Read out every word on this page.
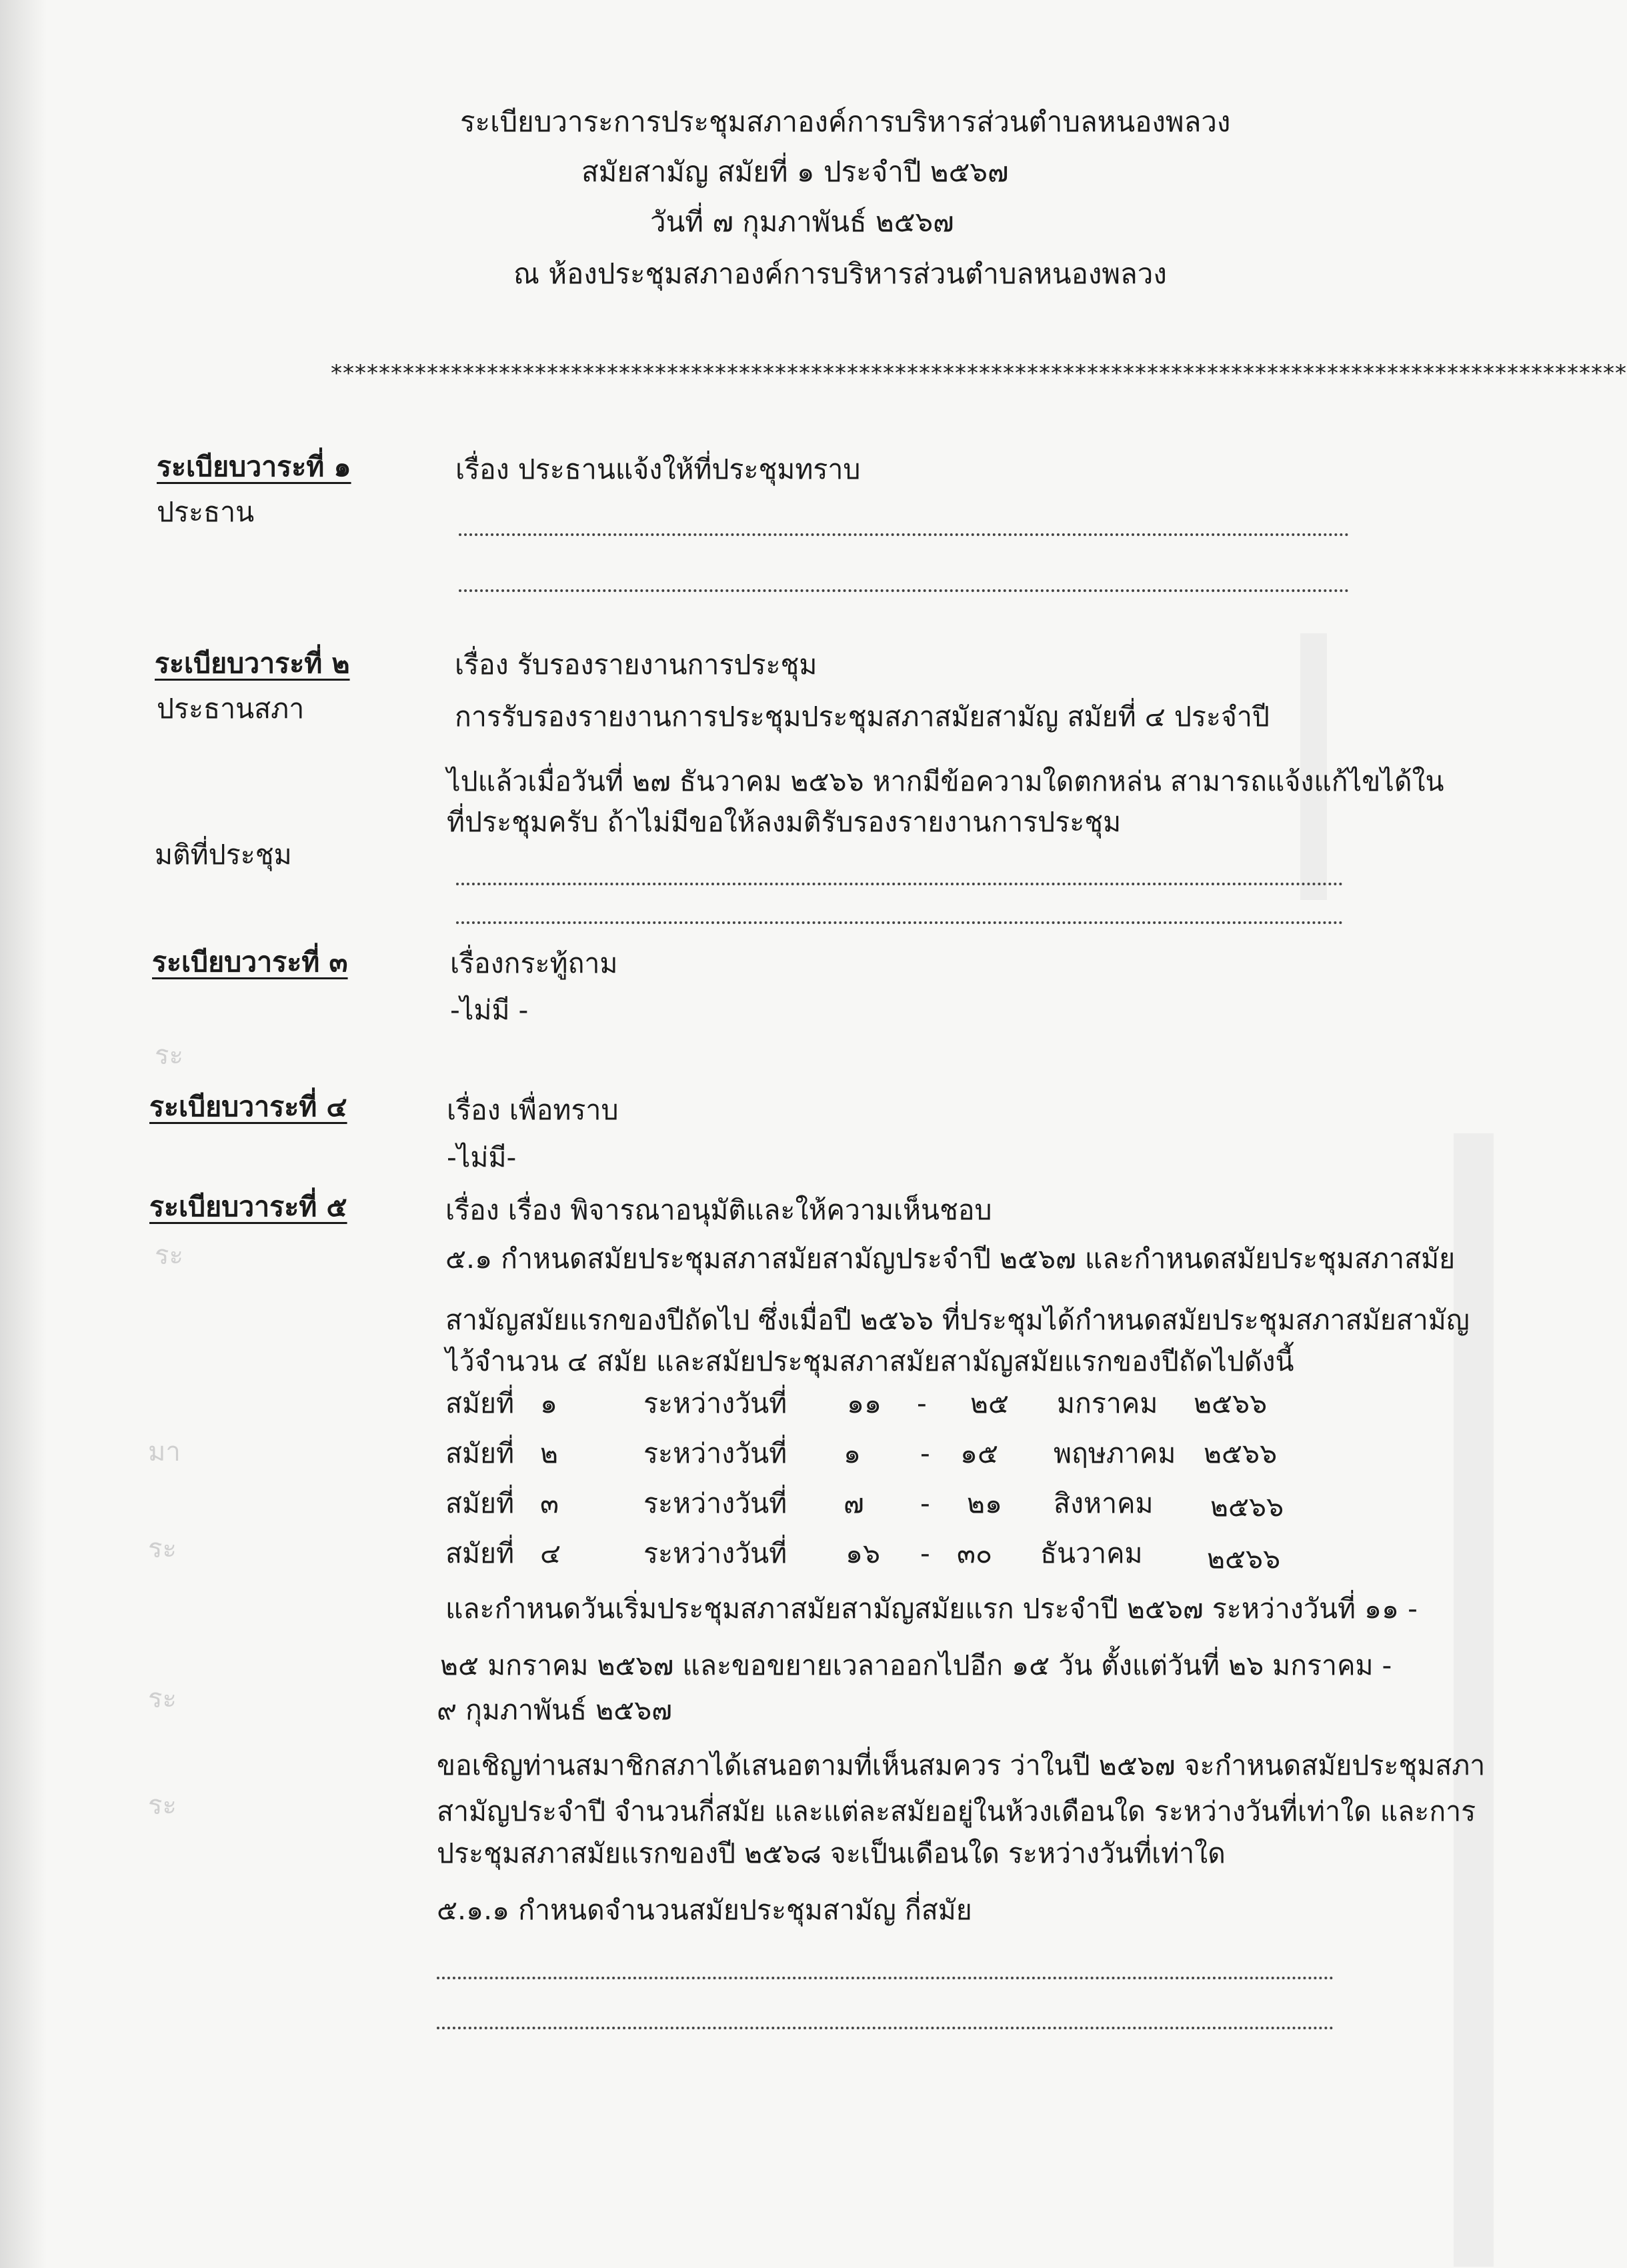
ระ
ระ
มา
ระ
ระ
ระ
ระเบียบวาระการประชุมสภาองค์การบริหารส่วนตำบลหนองพลวง
สมัยสามัญ สมัยที่ ๑ ประจำปี ๒๕๖๗
วันที่ ๗ กุมภาพันธ์ ๒๕๖๗
ณ ห้องประชุมสภาองค์การบริหารส่วนตำบลหนองพลวง
************************************************************************************************************
ระเบียบวาระที่ ๑	เรื่อง ประธานแจ้งให้ที่ประชุมทราบ
ประธาน
ระเบียบวาระที่ ๒	เรื่อง รับรองรายงานการประชุม
ประธานสภา	การรับรองรายงานการประชุมประชุมสภาสมัยสามัญ สมัยที่ ๔ ประจำปี
ไปแล้วเมื่อวันที่ ๒๗ ธันวาคม ๒๕๖๖ หากมีข้อความใดตกหล่น สามารถแจ้งแก้ไขได้ใน
ที่ประชุมครับ ถ้าไม่มีขอให้ลงมติรับรองรายงานการประชุม
มติที่ประชุม
ระเบียบวาระที่ ๓	เรื่องกระทู้ถาม
-ไม่มี -
ระเบียบวาระที่ ๔	เรื่อง เพื่อทราบ
-ไม่มี-
ระเบียบวาระที่ ๕	เรื่อง เรื่อง พิจารณาอนุมัติและให้ความเห็นชอบ
๕.๑ กำหนดสมัยประชุมสภาสมัยสามัญประจำปี ๒๕๖๗ และกำหนดสมัยประชุมสภาสมัย
สามัญสมัยแรกของปีถัดไป ซึ่งเมื่อปี ๒๕๖๖ ที่ประชุมได้กำหนดสมัยประชุมสภาสมัยสามัญ
ไว้จำนวน ๔ สมัย และสมัยประชุมสภาสมัยสามัญสมัยแรกของปีถัดไปดังนี้
สมัยที่ ๑	ระหว่างวันที่ ๑๑ - ๒๕ มกราคม ๒๕๖๖
สมัยที่ ๒	ระหว่างวันที่ ๑ - ๑๕ พฤษภาคม ๒๕๖๖
สมัยที่ ๓	ระหว่างวันที่ ๗ - ๒๑ สิงหาคม ๒๕๖๖
สมัยที่ ๔	ระหว่างวันที่ ๑๖ - ๓๐ ธันวาคม ๒๕๖๖
และกำหนดวันเริ่มประชุมสภาสมัยสามัญสมัยแรก ประจำปี ๒๕๖๗ ระหว่างวันที่ ๑๑ -
๒๕ มกราคม ๒๕๖๗ และขอขยายเวลาออกไปอีก ๑๕ วัน ตั้งแต่วันที่ ๒๖ มกราคม -
๙ กุมภาพันธ์ ๒๕๖๗
ขอเชิญท่านสมาชิกสภาได้เสนอตามที่เห็นสมควร ว่าในปี ๒๕๖๗ จะกำหนดสมัยประชุมสภา
สามัญประจำปี จำนวนกี่สมัย และแต่ละสมัยอยู่ในห้วงเดือนใด ระหว่างวันที่เท่าใด และการ
ประชุมสภาสมัยแรกของปี ๒๕๖๘ จะเป็นเดือนใด ระหว่างวันที่เท่าใด
๕.๑.๑ กำหนดจำนวนสมัยประชุมสามัญ กี่สมัย
